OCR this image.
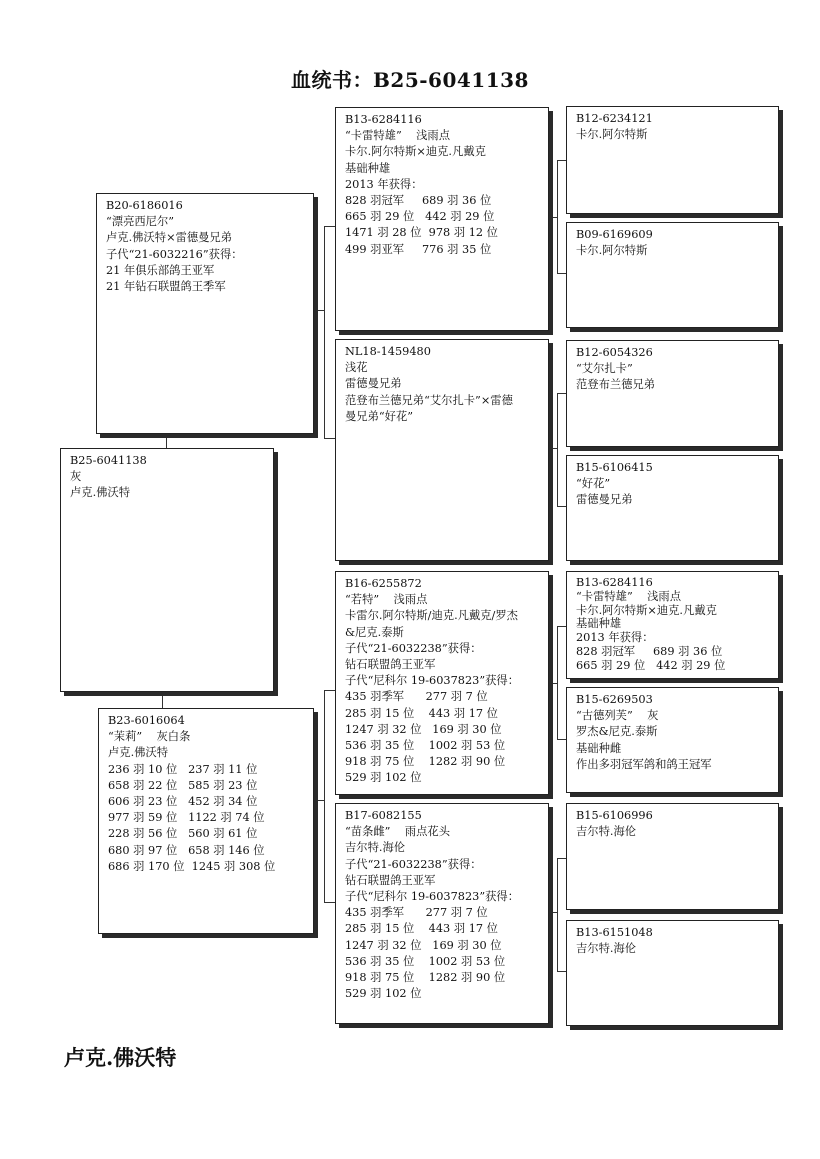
血统书：B25-6041138
B25-6041138
灰
卢克.佛沃特
B20-6186016
“漂亮西尼尔”
卢克.佛沃特×雷德曼兄弟
子代“21-6032216”获得：
21 年俱乐部鸽王亚军
21 年钻石联盟鸽王季军
B23-6016064
“茉莉”    灰白条
卢克.佛沃特
236 羽 10 位   237 羽 11 位
658 羽 22 位   585 羽 23 位
606 羽 23 位   452 羽 34 位
977 羽 59 位   1122 羽 74 位
228 羽 56 位   560 羽 61 位
680 羽 97 位   658 羽 146 位
686 羽 170 位  1245 羽 308 位
B13-6284116
“卡雷特雄”    浅雨点
卡尔.阿尔特斯×迪克.凡戴克
基础种雄
2013 年获得：
828 羽冠军     689 羽 36 位
665 羽 29 位   442 羽 29 位
1471 羽 28 位  978 羽 12 位
499 羽亚军     776 羽 35 位
NL18-1459480
浅花
雷德曼兄弟
范登布兰德兄弟“艾尔扎卡”×雷德
曼兄弟“好花”
B16-6255872
“若特”    浅雨点
卡雷尔.阿尔特斯/迪克.凡戴克/罗杰
&尼克.泰斯
子代“21-6032238”获得：
钻石联盟鸽王亚军
子代“尼科尔 19-6037823”获得：
435 羽季军      277 羽 7 位
285 羽 15 位    443 羽 17 位
1247 羽 32 位   169 羽 30 位
536 羽 35 位    1002 羽 53 位
918 羽 75 位    1282 羽 90 位
529 羽 102 位
B17-6082155
“苗条雌”    雨点花头
吉尔特.海伦
子代“21-6032238”获得：
钻石联盟鸽王亚军
子代“尼科尔 19-6037823”获得：
435 羽季军      277 羽 7 位
285 羽 15 位    443 羽 17 位
1247 羽 32 位   169 羽 30 位
536 羽 35 位    1002 羽 53 位
918 羽 75 位    1282 羽 90 位
529 羽 102 位
B12-6234121
卡尔.阿尔特斯
B09-6169609
卡尔.阿尔特斯
B12-6054326
“艾尔扎卡”
范登布兰德兄弟
B15-6106415
“好花”
雷德曼兄弟
B13-6284116
“卡雷特雄”    浅雨点
卡尔.阿尔特斯×迪克.凡戴克
基础种雄
2013 年获得：
828 羽冠军     689 羽 36 位
665 羽 29 位   442 羽 29 位
B15-6269503
“古德列芙”    灰
罗杰&尼克.泰斯
基础种雌
作出多羽冠军鸽和鸽王冠军
B15-6106996
吉尔特.海伦
B13-6151048
吉尔特.海伦
卢克.佛沃特
